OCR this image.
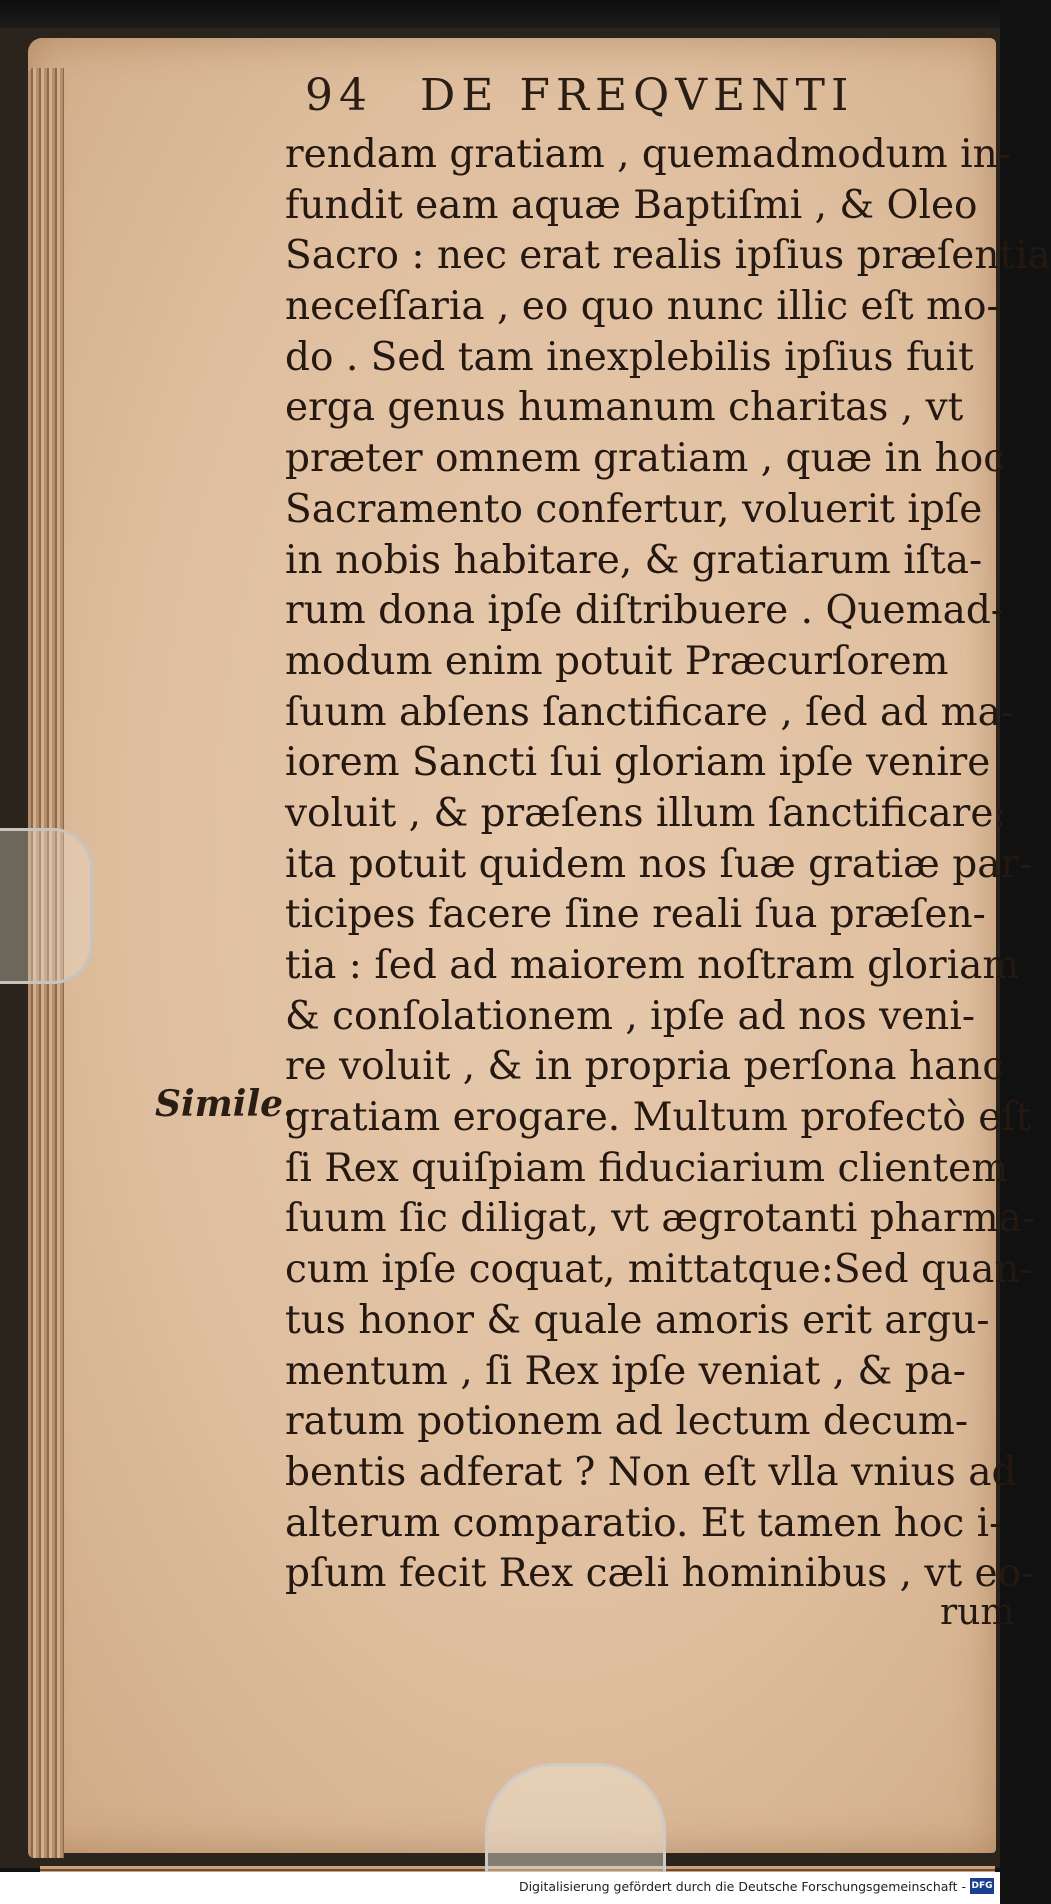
94 DE FREQVENTI
Simile.
rendam gratiam , quemadmodum in-
fundit eam aquæ Baptiſmi , & Oleo
Sacro : nec erat realis ipſius præſentia
neceſſaria , eo quo nunc illic eſt mo-
do . Sed tam inexplebilis ipſius fuit
erga genus humanum charitas , vt
præter omnem gratiam , quæ in hoc
Sacramento confertur, voluerit ipſe
in nobis habitare, & gratiarum iſta-
rum dona ipſe diſtribuere . Quemad-
modum enim potuit Præcurſorem
ſuum abſens ſanctificare , ſed ad ma-
iorem Sancti ſui gloriam ipſe venire
voluit , & præſens illum ſanctificare:
ita potuit quidem nos ſuæ gratiæ par-
ticipes facere ſine reali ſua præſen-
tia : ſed ad maiorem noſtram gloriam
& conſolationem , ipſe ad nos veni-
re voluit , & in propria perſona hanc
gratiam erogare. Multum profectò eſt
ſi Rex quiſpiam fiduciarium clientem
ſuum ſic diligat, vt ægrotanti pharma-
cum ipſe coquat, mittatque:Sed quan-
tus honor & quale amoris erit argu-
mentum , ſi Rex ipſe veniat , & pa-
ratum potionem ad lectum decum-
bentis adferat ? Non eſt vlla vnius ad
alterum comparatio. Et tamen hoc i-
pſum fecit Rex cæli hominibus , vt eo-
rum
Digitalisierung gefördert durch die Deutsche Forschungsgemeinschaft - DFG
